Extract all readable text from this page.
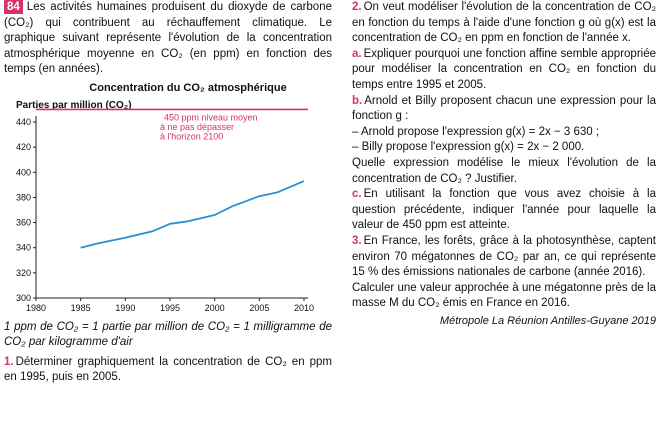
84 Les activités humaines produisent du dioxyde de carbone (CO₂) qui contribuent au réchauffement climatique. Le graphique suivant représente l'évolution de la concentration atmosphérique moyenne en CO₂ (en ppm) en fonction des temps (en années).

Concentration du CO₂ atmosphérique
Parties par million (CO₂)
300
320
340
360
380
400
420
440
1980	1985	1990	1995	2000	2005	2010
450 ppm niveau moyen à ne pas dépasser à l'horizon 2100

1 ppm de CO₂ = 1 partie par million de CO₂ = 1 milligramme de CO₂ par kilogramme d'air

1. Déterminer graphiquement la concentration de CO₂ en ppm en 1995, puis en 2005.

2. On veut modéliser l'évolution de la concentration de CO₂ en fonction du temps à l'aide d'une fonction g où g(x) est la concentration de CO₂ en ppm en fonction de l'année x.

a. Expliquer pourquoi une fonction affine semble appropriée pour modéliser la concentration en CO₂ en fonction du temps entre 1995 et 2005.

b. Arnold et Billy proposent chacun une expression pour la fonction g :

– Arnold propose l'expression g(x) = 2x − 3 630 ;

– Billy propose l'expression g(x) = 2x − 2 000.

Quelle expression modélise le mieux l'évolution de la concentration de CO₂ ? Justifier.

c. En utilisant la fonction que vous avez choisie à la question précédente, indiquer l'année pour laquelle la valeur de 450 ppm est atteinte.

3. En France, les forêts, grâce à la photosynthèse, captent environ 70 mégatonnes de CO₂ par an, ce qui représente 15 % des émissions nationales de carbone (année 2016).

Calculer une valeur approchée à une mégatonne près de la masse M du CO₂ émis en France en 2016.

Métropole La Réunion Antilles-Guyane 2019
